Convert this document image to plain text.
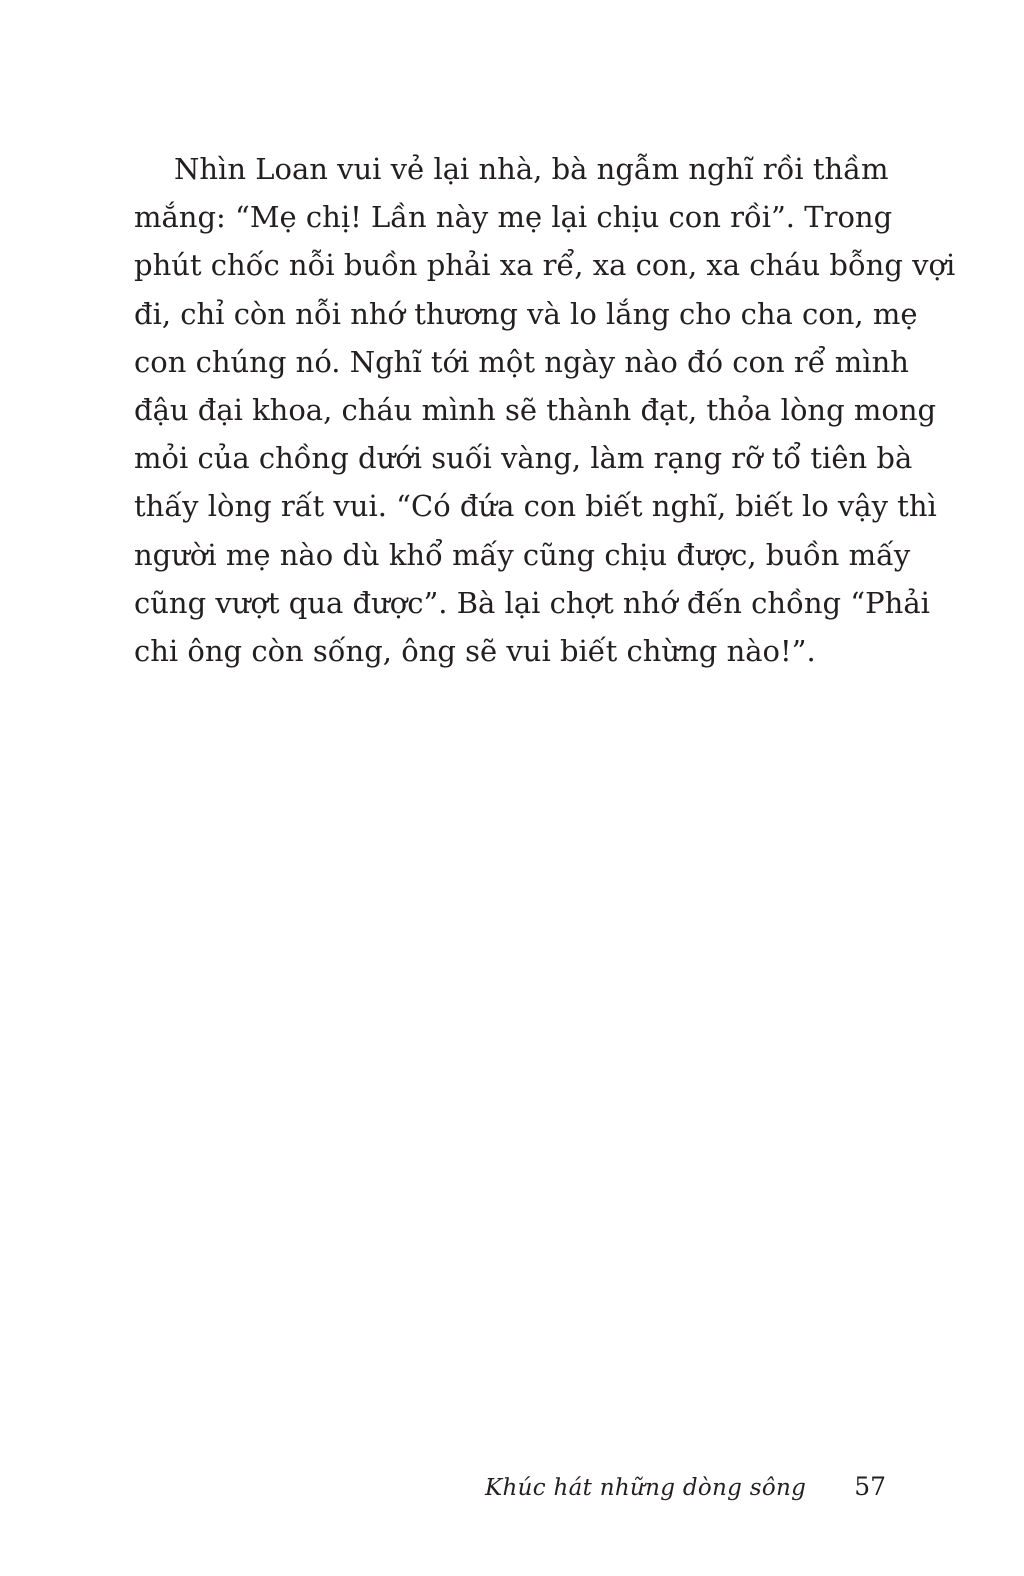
Nhìn Loan vui vẻ lại nhà, bà ngẫm nghĩ rồi thầm
mắng: “Mẹ chị! Lần này mẹ lại chịu con rồi”. Trong
phút chốc nỗi buồn phải xa rể, xa con, xa cháu bỗng vợi
đi, chỉ còn nỗi nhớ thương và lo lắng cho cha con, mẹ
con chúng nó. Nghĩ tới một ngày nào đó con rể mình
đậu đại khoa, cháu mình sẽ thành đạt, thỏa lòng mong
mỏi của chồng dưới suối vàng, làm rạng rỡ tổ tiên bà
thấy lòng rất vui. “Có đứa con biết nghĩ, biết lo vậy thì
người mẹ nào dù khổ mấy cũng chịu được, buồn mấy
cũng vượt qua được”. Bà lại chợt nhớ đến chồng “Phải
chi ông còn sống, ông sẽ vui biết chừng nào!”.

Khúc hát những dòng sông 57
